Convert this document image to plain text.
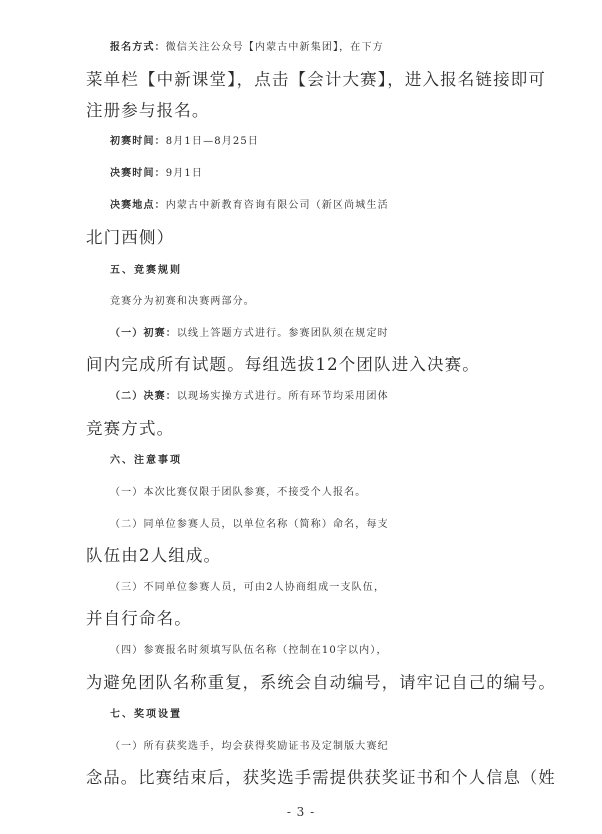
报名方式：微信关注公众号【内蒙古中新集团】，在下方
菜单栏【中新课堂】，点击【会计大赛】，进入报名链接即可
注册参与报名。
初赛时间：8月1日—8月25日
决赛时间：9月1日
决赛地点：内蒙古中新教育咨询有限公司（新区尚城生活
北门西侧）
五、竞赛规则
竞赛分为初赛和决赛两部分。
（一）初赛：以线上答题方式进行。参赛团队须在规定时
间内完成所有试题。每组选拔12个团队进入决赛。
（二）决赛：以现场实操方式进行。所有环节均采用团体
竞赛方式。
六、注意事项
（一）本次比赛仅限于团队参赛，不接受个人报名。
（二）同单位参赛人员，以单位名称（简称）命名，每支
队伍由2人组成。
（三）不同单位参赛人员，可由2人协商组成一支队伍，
并自行命名。
（四）参赛报名时须填写队伍名称（控制在10字以内），
为避免团队名称重复，系统会自动编号，请牢记自己的编号。
七、奖项设置
（一）所有获奖选手，均会获得奖励证书及定制版大赛纪
念品。比赛结束后，获奖选手需提供获奖证书和个人信息（姓
- 3 -
